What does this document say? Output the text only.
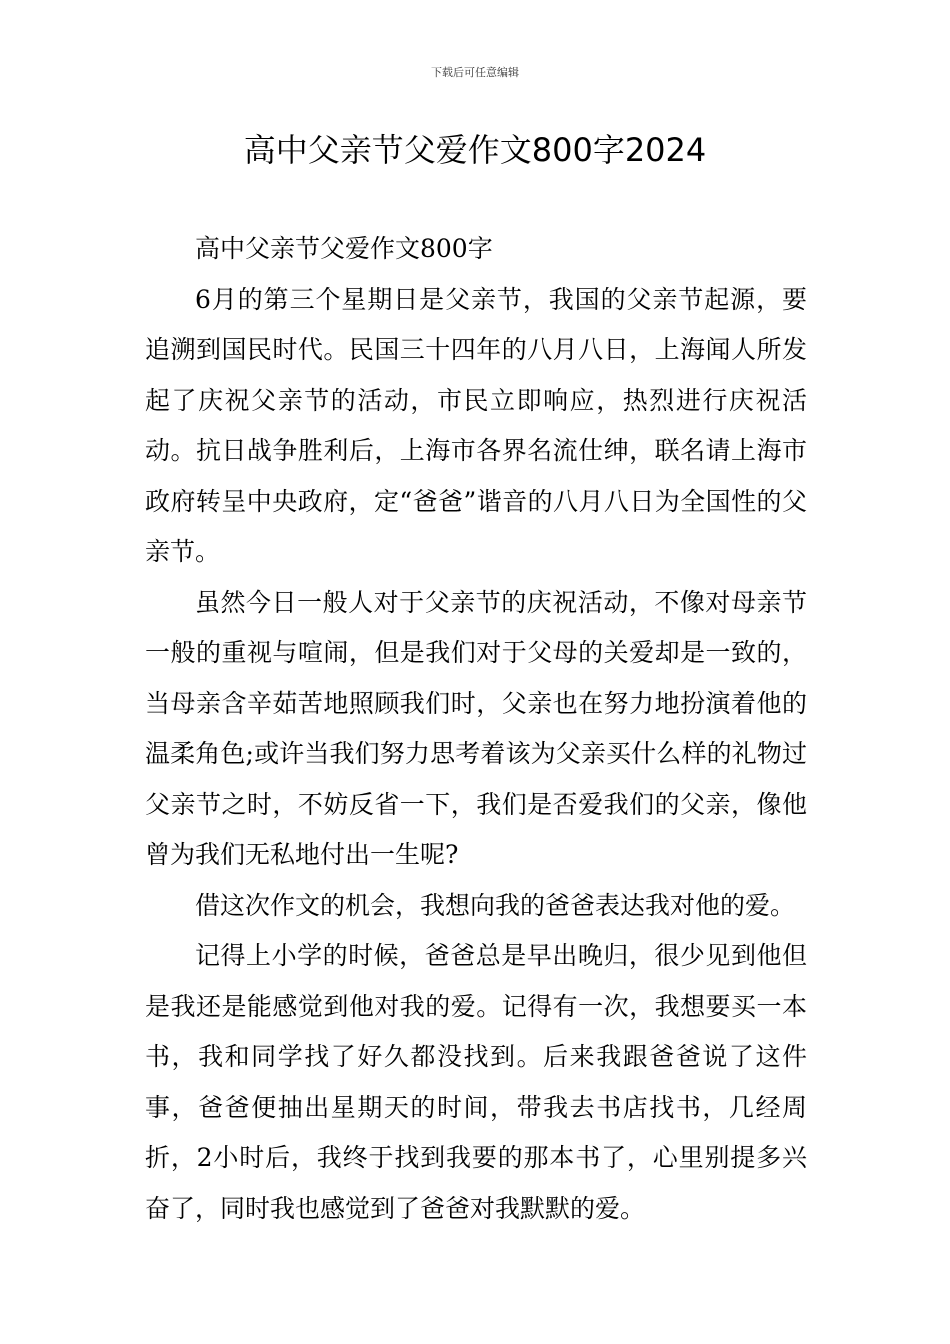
下载后可任意编辑
高中父亲节父爱作文800字2024

高中父亲节父爱作文800字

6月的第三个星期日是父亲节，我国的父亲节起源，要追溯到国民时代。民国三十四年的八月八日，上海闻人所发起了庆祝父亲节的活动，市民立即响应，热烈进行庆祝活动。抗日战争胜利后，上海市各界名流仕绅，联名请上海市政府转呈中央政府，定“爸爸”谐音的八月八日为全国性的父亲节。

虽然今日一般人对于父亲节的庆祝活动，不像对母亲节一般的重视与喧闹，但是我们对于父母的关爱却是一致的，当母亲含辛茹苦地照顾我们时，父亲也在努力地扮演着他的温柔角色;或许当我们努力思考着该为父亲买什么样的礼物过父亲节之时，不妨反省一下，我们是否爱我们的父亲，像他曾为我们无私地付出一生呢?

借这次作文的机会，我想向我的爸爸表达我对他的爱。

记得上小学的时候，爸爸总是早出晚归，很少见到他但是我还是能感觉到他对我的爱。记得有一次，我想要买一本书，我和同学找了好久都没找到。后来我跟爸爸说了这件事，爸爸便抽出星期天的时间，带我去书店找书，几经周折，2小时后，我终于找到我要的那本书了，心里别提多兴奋了，同时我也感觉到了爸爸对我默默的爱。
